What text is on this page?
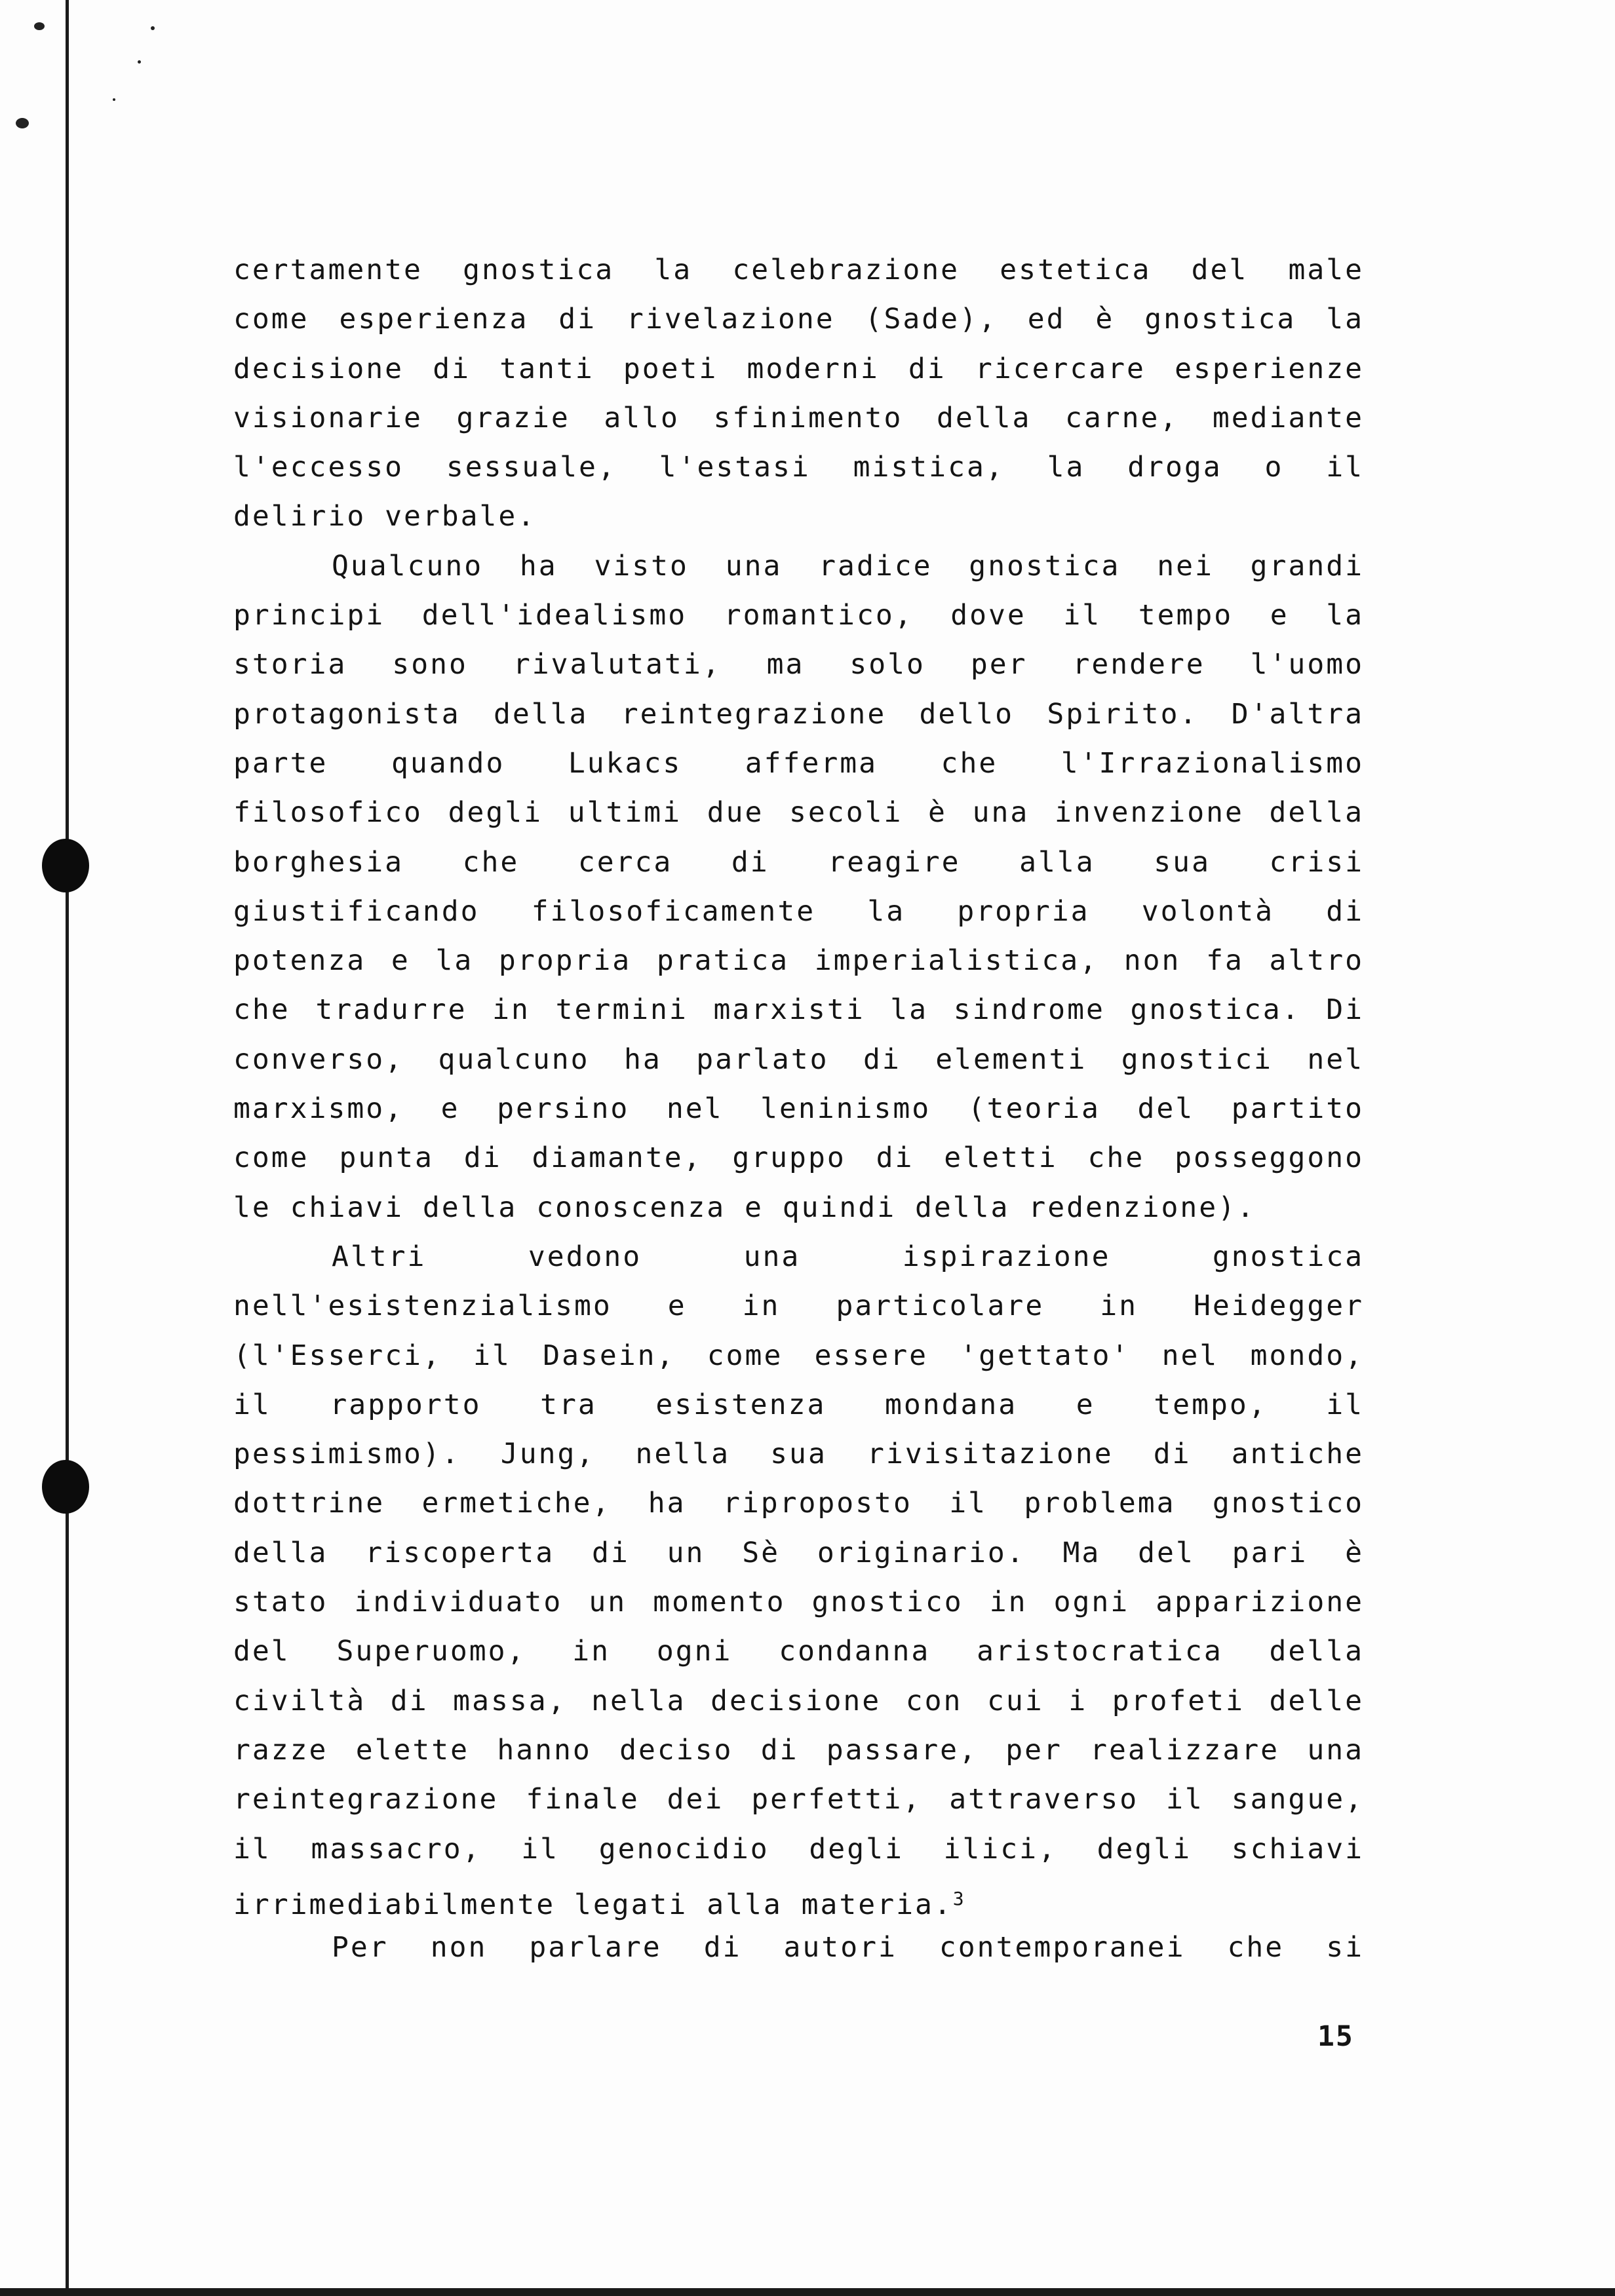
certamente gnostica la celebrazione estetica del male
come esperienza di rivelazione (Sade), ed è gnostica la
decisione di tanti poeti moderni di ricercare esperienze
visionarie grazie allo sfinimento della carne, mediante
l'eccesso sessuale, l'estasi mistica, la droga o il
delirio verbale.
Qualcuno ha visto una radice gnostica nei grandi
principi dell'idealismo romantico, dove il tempo e la
storia sono rivalutati, ma solo per rendere l'uomo
protagonista della reintegrazione dello Spirito. D'altra
parte quando Lukacs afferma che l'Irrazionalismo
filosofico degli ultimi due secoli è una invenzione della
borghesia che cerca di reagire alla sua crisi
giustificando filosoficamente la propria volontà di
potenza e la propria pratica imperialistica, non fa altro
che tradurre in termini marxisti la sindrome gnostica. Di
converso, qualcuno ha parlato di elementi gnostici nel
marxismo, e persino nel leninismo (teoria del partito
come punta di diamante, gruppo di eletti che posseggono
le chiavi della conoscenza e quindi della redenzione).
Altri vedono una ispirazione gnostica
nell'esistenzialismo e in particolare in Heidegger
(l'Esserci, il Dasein, come essere 'gettato' nel mondo,
il rapporto tra esistenza mondana e tempo, il
pessimismo). Jung, nella sua rivisitazione di antiche
dottrine ermetiche, ha riproposto il problema gnostico
della riscoperta di un Sè originario. Ma del pari è
stato individuato un momento gnostico in ogni apparizione
del Superuomo, in ogni condanna aristocratica della
civiltà di massa, nella decisione con cui i profeti delle
razze elette hanno deciso di passare, per realizzare una
reintegrazione finale dei perfetti, attraverso il sangue,
il massacro, il genocidio degli ilici, degli schiavi
irrimediabilmente legati alla materia.$^3$
Per non parlare di autori contemporanei che si
15
